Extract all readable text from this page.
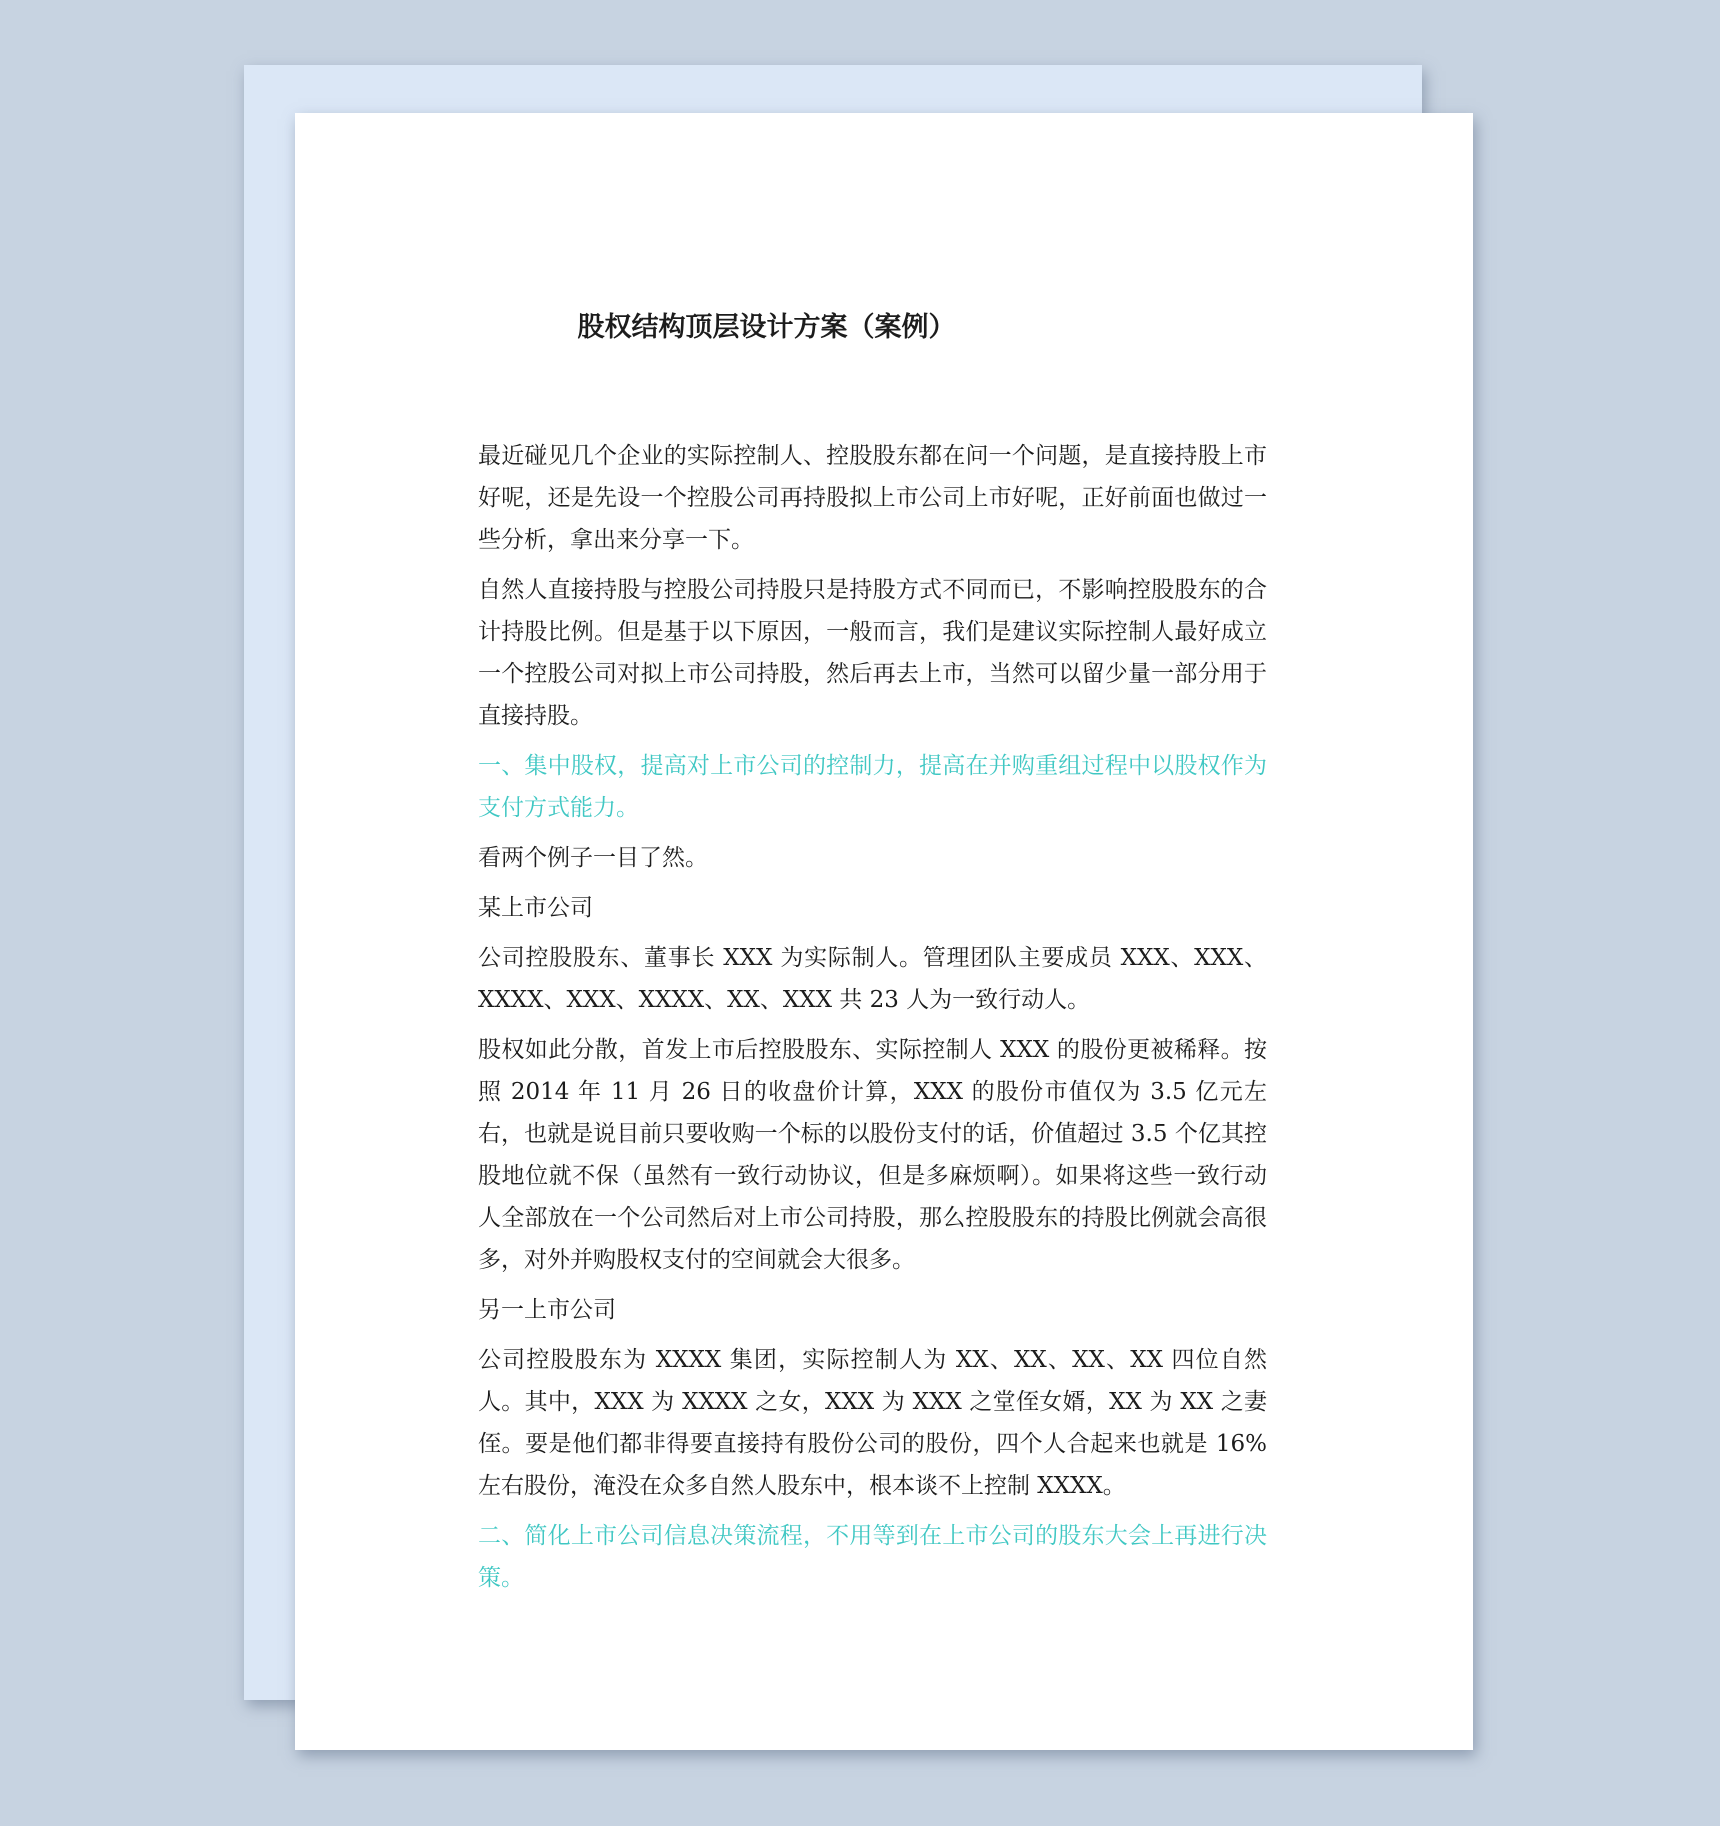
股权结构顶层设计方案（案例）

最近碰见几个企业的实际控制人、控股股东都在问一个问题，是直接持股上市好呢，还是先设一个控股公司再持股拟上市公司上市好呢，正好前面也做过一些分析，拿出来分享一下。

自然人直接持股与控股公司持股只是持股方式不同而已，不影响控股股东的合计持股比例。但是基于以下原因，一般而言，我们是建议实际控制人最好成立一个控股公司对拟上市公司持股，然后再去上市，当然可以留少量一部分用于直接持股。

一、集中股权，提高对上市公司的控制力，提高在并购重组过程中以股权作为支付方式能力。

看两个例子一目了然。

某上市公司

公司控股股东、董事长 XXX 为实际制人。管理团队主要成员 XXX、XXX、XXXX、XXX、XXXX、XX、XXX 共 23 人为一致行动人。

股权如此分散，首发上市后控股股东、实际控制人 XXX 的股份更被稀释。按照 2014 年 11 月 26 日的收盘价计算，XXX 的股份市值仅为 3.5 亿元左右，也就是说目前只要收购一个标的以股份支付的话，价值超过 3.5 个亿其控股地位就不保（虽然有一致行动协议，但是多麻烦啊）。如果将这些一致行动人全部放在一个公司然后对上市公司持股，那么控股股东的持股比例就会高很多，对外并购股权支付的空间就会大很多。

另一上市公司

公司控股股东为 XXXX 集团，实际控制人为 XX、XX、XX、XX 四位自然人。其中，XXX 为 XXXX 之女，XXX 为 XXX 之堂侄女婿，XX 为 XX 之妻侄。要是他们都非得要直接持有股份公司的股份，四个人合起来也就是 16%左右股份，淹没在众多自然人股东中，根本谈不上控制 XXXX。

二、简化上市公司信息决策流程，不用等到在上市公司的股东大会上再进行决策。
